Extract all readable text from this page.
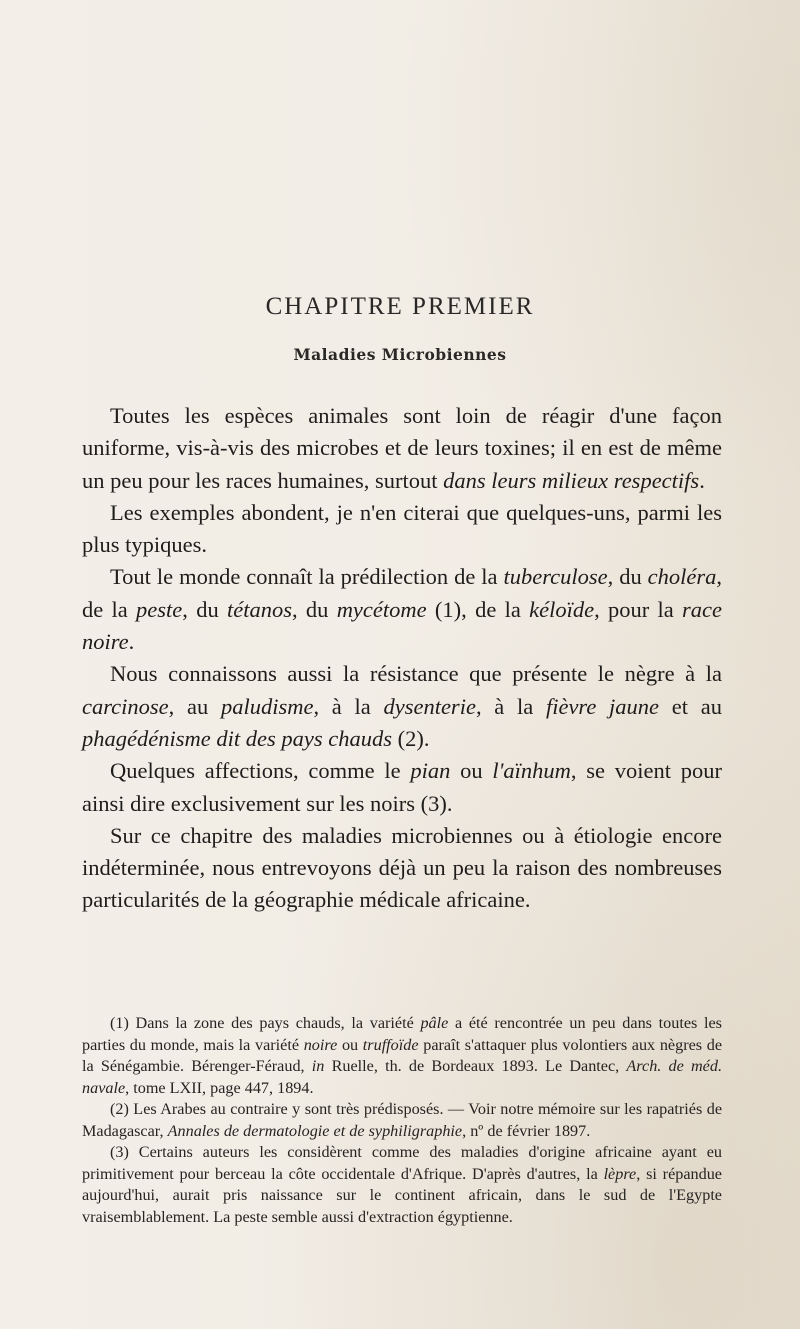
CHAPITRE PREMIER
Maladies Microbiennes

Toutes les espèces animales sont loin de réagir d'une façon uniforme, vis-à-vis des microbes et de leurs toxines; il en est de même un peu pour les races humaines, surtout dans leurs milieux respectifs.

Les exemples abondent, je n'en citerai que quelques-uns, parmi les plus typiques.

Tout le monde connaît la prédilection de la tuberculose, du choléra, de la peste, du tétanos, du mycétome (1), de la kéloïde, pour la race noire.

Nous connaissons aussi la résistance que présente le nègre à la carcinose, au paludisme, à la dysenterie, à la fièvre jaune et au phagédénisme dit des pays chauds (2).

Quelques affections, comme le pian ou l'aïnhum, se voient pour ainsi dire exclusivement sur les noirs (3).

Sur ce chapitre des maladies microbiennes ou à étiologie encore indéterminée, nous entrevoyons déjà un peu la raison des nombreuses particularités de la géographie médicale africaine.

(1) Dans la zone des pays chauds, la variété pâle a été rencontrée un peu dans toutes les parties du monde, mais la variété noire ou truffoïde paraît s'attaquer plus volontiers aux nègres de la Sénégambie. Bérenger-Féraud, in Ruelle, th. de Bordeaux 1893. Le Dantec, Arch. de méd. navale, tome LXII, page 447, 1894.

(2) Les Arabes au contraire y sont très prédisposés. — Voir notre mémoire sur les rapatriés de Madagascar, Annales de dermatologie et de syphiligraphie, nº de février 1897.

(3) Certains auteurs les considèrent comme des maladies d'origine africaine ayant eu primitivement pour berceau la côte occidentale d'Afrique. D'après d'autres, la lèpre, si répandue aujourd'hui, aurait pris naissance sur le continent africain, dans le sud de l'Egypte vraisemblablement. La peste semble aussi d'extraction égyptienne.
